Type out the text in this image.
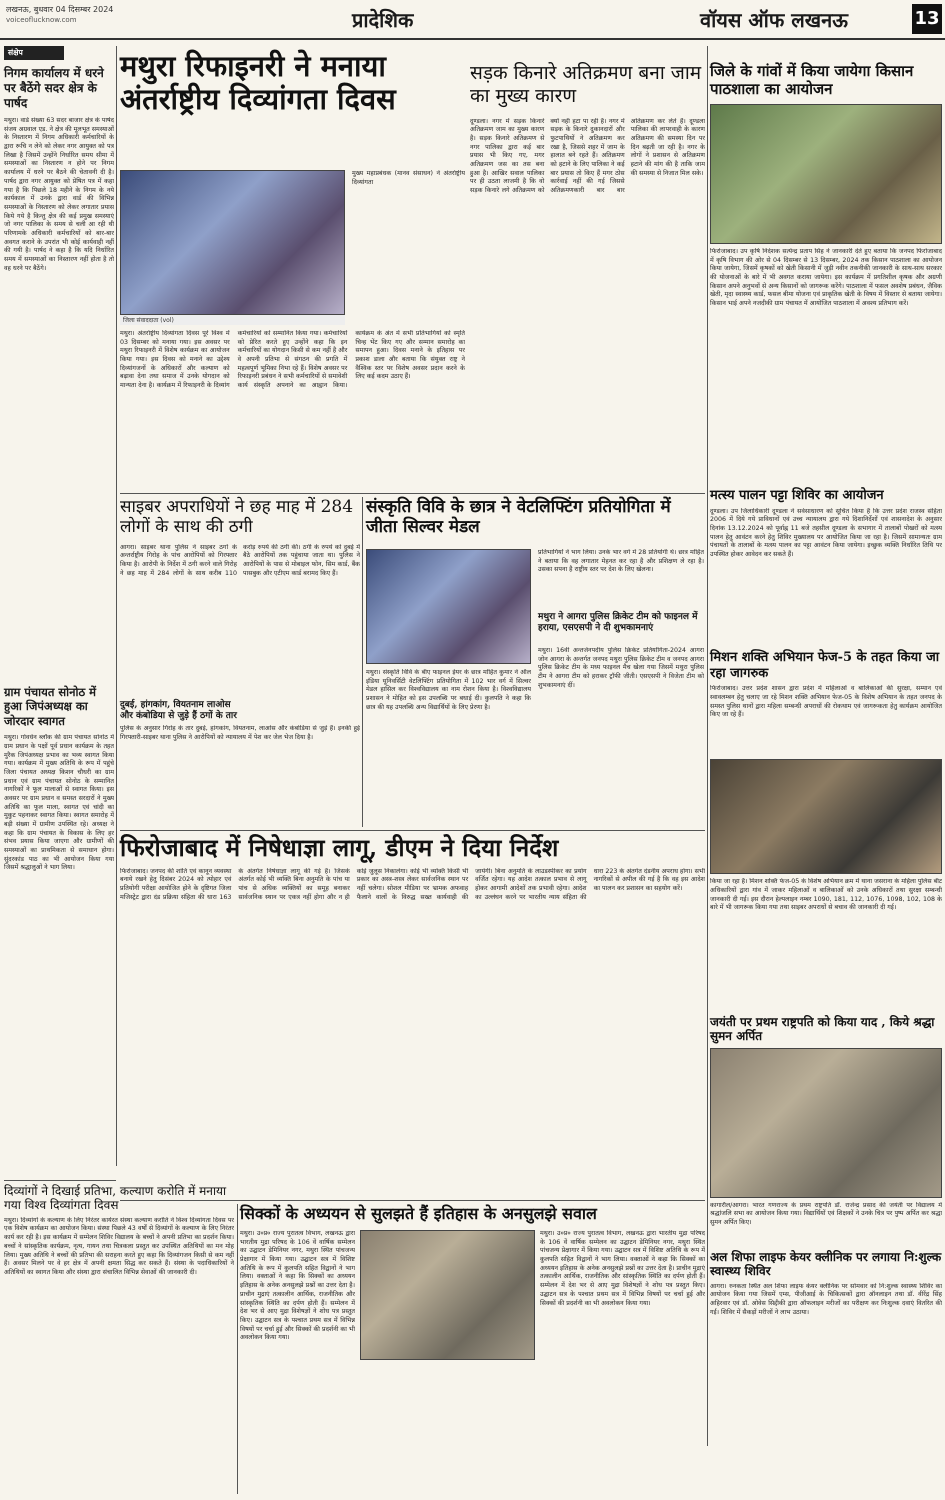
लखनऊ, बुधवार 04 दिसम्बर 2024
voiceoflucknow.com	प्रादेशिक	वॉयस ऑफ लखनऊ	13
संक्षेप
निगम कार्यालय में धरने पर बैठेंगे सदर क्षेत्र के पार्षद
मथुरा। वार्ड संख्या 63 सदर बाजार क्षेत्र के पार्षद संजय अग्रवाल एड. ने क्षेत्र की मूलभूत समस्याओं के निस्तारण में निगम अधिकारी कर्मचारियों के द्वारा रूचि न लेने को लेकर नगर आयुक्त को पत्र लिखा है जिसमें उन्होंने निर्धारित समय सीमा में समस्याओं का निस्तारण न होने पर निगम कार्यालय में धरने पर बैठने की चेतावनी दी है। पार्षद द्वारा नगर आयुक्त को प्रेषित पत्र में कहा गया है कि पिछले 18 महीने के निगम के नये कार्यकाल में उनके द्वारा वार्ड की विभिन्न समस्याओं के निस्तारण को लेकर लगातार प्रयास किये गये है किन्तु क्षेत्र की कई प्रमुख समस्याएं जो नगर पालिका के समय से चली आ रही थी परिणामके अधिकारी कर्मचारियों को बार-बार अवगत कराने के उपरांत भी कोई कार्यवाही नहीं की गयी है। पार्षद ने कहा है कि यदि निर्धारित समय में समस्याओं का निस्तारण नहीं होता है तो वह धरने पर बैठेंगे।
ग्राम पंचायत सोनोठ में हुआ जिपंअध्यक्ष का जोरदार स्वागत
मथुरा। गोवर्धन ब्लॉक की ग्राम पंचायत सोनोठ में ग्राम प्रधान के पक्षों पूर्व प्रधान कार्यक्रम के तहत मुरैक जिपंअध्यक्ष प्रभाव का भव्य स्वागत किया गया। कार्यक्रम में मुख्य अतिथि के रूप में पहुंचे जिला पंचायत अध्यक्ष किशन चौधरी का ग्राम प्रधान एवं ग्राम पंचायत सोनोठ के सम्मानित नागरिकों ने फूल मालाओं से स्वागत किया। इस अवसर पर ग्राम प्रधान व समस्त सरदारों ने मुख्य अतिथि का फूल माला, स्वागत एवं चांदी का मुकुट पहनाकर स्वागत किया। स्वागत समारोह में बड़ी संख्या में ग्रामीण उपस्थित रहे। अध्यक्ष ने कहा कि ग्राम पंचायत के विकास के लिए हर संभव प्रयास किया जाएगा और ग्रामीणों की समस्याओं का प्राथमिकता से समाधान होगा। सुंदरकांड पाठ का भी आयोजन किया गया जिसमें श्रद्धालुओं ने भाग लिया।
मथुरा रिफाइनरी ने मनाया अंतर्राष्ट्रीय दिव्यांगता दिवस
जिला संवाददाता (vol)
मथुरा। अंतर्राष्ट्रीय दिव्यांगता दिवस पूरे विश्व में 03 दिसम्बर को मनाया गया। इस अवसर पर मथुरा रिफाइनरी में विशेष कार्यक्रम का आयोजन किया गया। इस दिवस को मनाने का उद्देश्य दिव्यांगजनों के अधिकारों और कल्याण को बढ़ावा देना तथा समाज में उनके योगदान को मान्यता देना है। कार्यक्रम में रिफाइनरी के दिव्यांग कर्मचारियों को सम्मानित किया गया। कर्मचारियों को प्रेरित करते हुए उन्होंने कहा कि इन कर्मचारियों का योगदान किसी से कम नहीं है और वे अपनी प्रतिभा से संगठन की प्रगति में महत्वपूर्ण भूमिका निभा रहे हैं। विशेष अवसर पर रिफाइनरी प्रबंधन ने सभी कर्मचारियों से समावेशी कार्य संस्कृति अपनाने का आह्वान किया। कार्यक्रम के अंत में सभी प्रतिभागियों को स्मृति चिन्ह भेंट किए गए और सम्मान समारोह का समापन हुआ। दिवस मनाने के इतिहास पर प्रकाश डाला और बताया कि संयुक्त राष्ट्र ने वैश्विक स्तर पर विशेष अवसर प्रदान करने के लिए कई कदम उठाए हैं।
मुख्य महाप्रबंधक (मानव संसाधन) ने अंतर्राष्ट्रीय दिव्यांगता
सड़क किनारे अतिक्रमण बना जाम का मुख्य कारण
दूण्डला। नगर में सड़क किनारे अतिक्रमण जाम का मुख्य कारण है। सड़क किनारे अतिक्रमण से नगर पालिका द्वारा कई बार प्रयास भी किए गए, मगर अतिक्रमण जस का तस बना हुआ है। आखिर सवाल पालिका पर ही उठता लाजमी है कि वो सड़क किनारे लगे अतिक्रमण को क्यों नहीं हटा पा रही है। नगर में सड़क के किनारे दुकानदारों और फुटपाथियों ने अतिक्रमण कर रखा है, जिससे शहर में जाम के हालात बने रहते हैं। अतिक्रमण को हटाने के लिए पालिका ने कई बार प्रयास तो किए हैं मगर ठोस कार्रवाई नहीं की गई जिससे अतिक्रमणकारी बार बार अतिक्रमण कर लेते हैं। दूण्डला पालिका की लापरवाही के कारण अतिक्रमण की समस्या दिन पर दिन बढ़ती जा रही है। नगर के लोगों ने प्रशासन से अतिक्रमण हटाने की मांग की है ताकि जाम की समस्या से निजात मिल सके।
जिले के गांवों में किया जायेगा किसान पाठशाला का आयोजन
फिरोजाबाद। उप कृषि निदेशक सत्येन्द्र प्रताप सिंह ने जानकारी देते हुए बताया कि जनपद फिरोजाबाद में कृषि विभाग की ओर से 04 दिसम्बर से 13 दिसम्बर, 2024 तक किसान पाठशाला का आयोजन किया जायेगा, जिसमें कृषकों को खेती किसानी में जुड़ी नवीन तकनीकी जानकारी के साथ-साथ सरकार की योजनाओं के बारे में भी अवगत कराया जायेगा। इस कार्यक्रम में प्रगतिशील कृषक और अग्रणी किसान अपने अनुभवों से अन्य किसानों को जागरूक करेंगे। पाठशाला में फसल अवशेष प्रबंधन, जैविक खेती, मृदा स्वास्थ्य कार्ड, फसल बीमा योजना एवं प्राकृतिक खेती के विषय में विस्तार से बताया जायेगा। किसान भाई अपने नजदीकी ग्राम पंचायत में आयोजित पाठशाला में अवश्य प्रतिभाग करें।
मत्स्य पालन पट्टा शिविर का आयोजन
दूण्डला। उप जिलाधिकारी दूण्डला ने सर्वसाधारण को सूचित किया है कि उत्तर प्रदेश राजस्व संहिता 2006 में दिये गये प्राविधानों एवं उच्च न्यायालय द्वारा गये दिशानिर्देशों एवं शासनादेश के अनुसार दिनांक 13.12.2024 को पूर्वाह्न 11 बजे तहसील दूण्डला के सभागार में तालाबों पोखरों को मत्स्य पालन हेतु आवंटन करने हेतु शिविर मुख्यालय पर आयोजित किया जा रहा है। जिसमें सामान्यतः ग्राम पंचायतों के तालाबों के मत्स्य पालन का पट्टा आवंटन किया जायेगा। इच्छुक व्यक्ति निर्धारित तिथि पर उपस्थित होकर आवेदन कर सकते हैं।
मिशन शक्ति अभियान फेज-5 के तहत किया जा रहा जागरुक
फिरोजाबाद। उत्तर प्रदेश शासन द्वारा प्रदेश में महिलाओं व बालिकाओं की सुरक्षा, सम्मान एवं स्वावलम्बन हेतु चलाए जा रहे मिशन शक्ति अभियान फेज-05 के विशेष अभियान के तहत जनपद के समस्त पुलिस थानों द्वारा महिला सम्बन्धी अपराधों की रोकथाम एवं जागरूकता हेतु कार्यक्रम आयोजित किए जा रहे हैं।
किया जा रहा है। मिशन शक्ति फेज-05 के विशेष अभियान क्रम में थाना जसराना के महिला पुलिस बीट अधिकारियों द्वारा गांव में जाकर महिलाओं व बालिकाओं को उनके अधिकारों तथा सुरक्षा सम्बन्धी जानकारी दी गई। इस दौरान हेल्पलाइन नम्बर 1090, 181, 112, 1076, 1098, 102, 108 के बारे में भी जागरूक किया गया तथा साइबर अपराधों से बचाव की जानकारी दी गई।
जयंती पर प्रथम राष्ट्रपति को किया याद , किये श्रद्धा सुमन अर्पित
कागारौल/आगरा। भारत गणराज्य के प्रथम राष्ट्रपति डॉ. राजेन्द्र प्रसाद की जयंती पर विद्यालय में श्रद्धांजलि सभा का आयोजन किया गया। विद्यार्थियों एवं शिक्षकों ने उनके चित्र पर पुष्प अर्पित कर श्रद्धा सुमन अर्पित किए।
अल शिफा लाइफ केयर क्लीनिक पर लगाया नि:शुल्क स्वास्थ्य शिविर
आगरा। रुनकता स्थित अल शिफा लाइफ केयर क्लीनिक पर सोमवार को नि:शुल्क स्वास्थ्य शिविर का आयोजन किया गया जिसमें एम्स, पीजीआई के चिकित्सकों द्वारा ऑनलाइन तथा डॉ. वीरेंद्र सिंह अहिरवार एवं डॉ. ओवेस सिद्दीकी द्वारा ऑफलाइन मरीजों का परीक्षण कर निःशुल्क दवाएं वितरित की गईं। शिविर में सैकड़ों मरीजों ने लाभ उठाया।
साइबर अपराधियों ने छह माह में 284 लोगों के साथ की ठगी
आगरा। साइबर थाना पुलिस ने साइबर ठगों के अन्तर्राष्ट्रीय गिरोह के पांच आरोपियों को गिरफ्तार किया है। आरोपी के निर्देश में ठगी करने वाले गिरोह ने छह माह में 284 लोगों के साथ करीब 110 करोड़ रुपये की ठगी की। ठगी के रुपये को दुबई में बैठे आरोपियों तक पहुंचाया जाता था। पुलिस ने आरोपियों के पास से मोबाइल फोन, सिम कार्ड, बैंक पासबुक और एटीएम कार्ड बरामद किए हैं।
दुबई, हांगकांग, वियतनाम लाओस और कंबोडिया से जुड़े हैं ठगों के तार
पुलिस के अनुसार गिरोह के तार दुबई, हांगकांग, वियतनाम, लाओस और कंबोडिया से जुड़े हैं। इनकी हुई गिरफ्तारी-साइबर थाना पुलिस ने आरोपियों को न्यायालय में पेश कर जेल भेज दिया है।
संस्कृति विवि के छात्र ने वेटलिफ्टिंग प्रतियोगिता में जीता सिल्वर मेडल
मथुरा। संस्कृति विवि के बीए फाइनल ईयर के छात्र मोहित कुमार ने ऑल इंडिया यूनिवर्सिटी वेटलिफ्टिंग प्रतियोगिता में 102 भार वर्ग में सिल्वर मेडल हासिल कर विश्वविद्यालय का नाम रोशन किया है। विश्वविद्यालय प्रशासन ने मोहित को इस उपलब्धि पर बधाई दी। कुलपति ने कहा कि छात्र की यह उपलब्धि अन्य विद्यार्थियों के लिए प्रेरणा है।
प्रतिभागियों ने भाग लिया। उनके भार वर्ग में 28 प्रतियोगी थे। छात्र मोहित ने बताया कि वह लगातार मेहनत कर रहा है और प्रशिक्षण ले रहा है। उसका सपना है राष्ट्रीय स्तर पर देश के लिए खेलना।
मथुरा ने आगरा पुलिस क्रिकेट टीम को फाइनल में हराया, एसएसपी ने दी शुभकामनाएं
मथुरा। 16वीं अन्तर्जनपदीय पुलिस क्रिकेट प्रतियोगिता-2024 आगरा जोन आगरा के अन्तर्गत जनपद मथुरा पुलिस क्रिकेट टीम व जनपद आगरा पुलिस क्रिकेट टीम के मध्य फाइनल मैच खेला गया जिसमें मथुरा पुलिस टीम ने आगरा टीम को हराकर ट्रॉफी जीती। एसएसपी ने विजेता टीम को शुभकामनाएं दीं।
फिरोजाबाद में निषेधाज्ञा लागू, डीएम ने दिया निर्देश
फिरोजाबाद। जनपद की शांति एवं कानून व्यवस्था बनाये रखने हेतु दिसंबर 2024 को त्योहार एवं प्रतियोगी परीक्षा आयोजित होने के दृष्टिगत जिला मजिस्ट्रेट द्वारा दंड प्रक्रिया संहिता की धारा 163 के अंतर्गत निषेधाज्ञा लागू की गई है। जिसके अंतर्गत कोई भी व्यक्ति बिना अनुमति के पांच या पांच से अधिक व्यक्तियों का समूह बनाकर सार्वजनिक स्थान पर एकत्र नहीं होगा और न ही कोई जुलूस निकालेगा। कोई भी व्यक्ति किसी भी प्रकार का अस्त्र-शस्त्र लेकर सार्वजनिक स्थान पर नहीं चलेगा। सोशल मीडिया पर भ्रामक अफवाह फैलाने वालों के विरुद्ध सख्त कार्यवाही की जायेगी। बिना अनुमति के लाउडस्पीकर का प्रयोग वर्जित रहेगा। यह आदेश तत्काल प्रभाव से लागू होकर आगामी आदेशों तक प्रभावी रहेगा। आदेश का उल्लंघन करने पर भारतीय न्याय संहिता की धारा 223 के अंतर्गत दंडनीय अपराध होगा। सभी नागरिकों से अपील की गई है कि वह इस आदेश का पालन कर प्रशासन का सहयोग करें।
दिव्यांगों ने दिखाई प्रतिभा, कल्याण करोति में मनाया गया विश्व दिव्यांगता दिवस
मथुरा। दिव्यांगों के कल्याण के लिए निरंतर कार्यरत संस्था कल्याण करोति ने विश्व दिव्यांगता दिवस पर एक विशेष कार्यक्रम का आयोजन किया। संस्था पिछले 43 वर्षों से दिव्यांगों के कल्याण के लिए निरंतर कार्य कर रही है। इस कार्यक्रम में सम्मेलन शिविर विद्यालय के बच्चों ने अपनी प्रतिभा का प्रदर्शन किया। बच्चों ने सांस्कृतिक कार्यक्रम, नृत्य, गायन तथा चित्रकला प्रस्तुत कर उपस्थित अतिथियों का मन मोह लिया। मुख्य अतिथि ने बच्चों की प्रतिभा की सराहना करते हुए कहा कि दिव्यांगजन किसी से कम नहीं हैं। अवसर मिलने पर वे हर क्षेत्र में अपनी क्षमता सिद्ध कर सकते हैं। संस्था के पदाधिकारियों ने अतिथियों का स्वागत किया और संस्था द्वारा संचालित विभिन्न सेवाओं की जानकारी दी।
सिक्कों के अध्ययन से सुलझते हैं इतिहास के अनसुलझे सवाल
मथुरा। उ०प्र० राज्य पुरातत्व विभाग, लखनऊ द्वारा भारतीय मुद्रा परिषद के 106 वें वार्षिक सम्मेलन का उद्घाटन डेमिनियर नगर, मथुरा स्थित पांचजन्य प्रेक्षागार में किया गया। उद्घाटन सत्र में विशिष्ट अतिथि के रूप में कुलपति सहित विद्वानों ने भाग लिया। वक्ताओं ने कहा कि सिक्कों का अध्ययन इतिहास के अनेक अनसुलझे प्रश्नों का उत्तर देता है। प्राचीन मुद्राएं तत्कालीन आर्थिक, राजनीतिक और सांस्कृतिक स्थिति का दर्पण होती हैं। सम्मेलन में देश भर से आए मुद्रा विशेषज्ञों ने शोध पत्र प्रस्तुत किए। उद्घाटन सत्र के पश्चात प्रथम सत्र में विभिन्न विषयों पर चर्चा हुई और सिक्कों की प्रदर्शनी का भी अवलोकन किया गया।
मथुरा। उ०प्र० राज्य पुरातत्व विभाग, लखनऊ द्वारा भारतीय मुद्रा परिषद के 106 वें वार्षिक सम्मेलन का उद्घाटन डेमिनियर नगर, मथुरा स्थित पांचजन्य प्रेक्षागार में किया गया। उद्घाटन सत्र में विशिष्ट अतिथि के रूप में कुलपति सहित विद्वानों ने भाग लिया। वक्ताओं ने कहा कि सिक्कों का अध्ययन इतिहास के अनेक अनसुलझे प्रश्नों का उत्तर देता है। प्राचीन मुद्राएं तत्कालीन आर्थिक, राजनीतिक और सांस्कृतिक स्थिति का दर्पण होती हैं। सम्मेलन में देश भर से आए मुद्रा विशेषज्ञों ने शोध पत्र प्रस्तुत किए। उद्घाटन सत्र के पश्चात प्रथम सत्र में विभिन्न विषयों पर चर्चा हुई और सिक्कों की प्रदर्शनी का भी अवलोकन किया गया।
